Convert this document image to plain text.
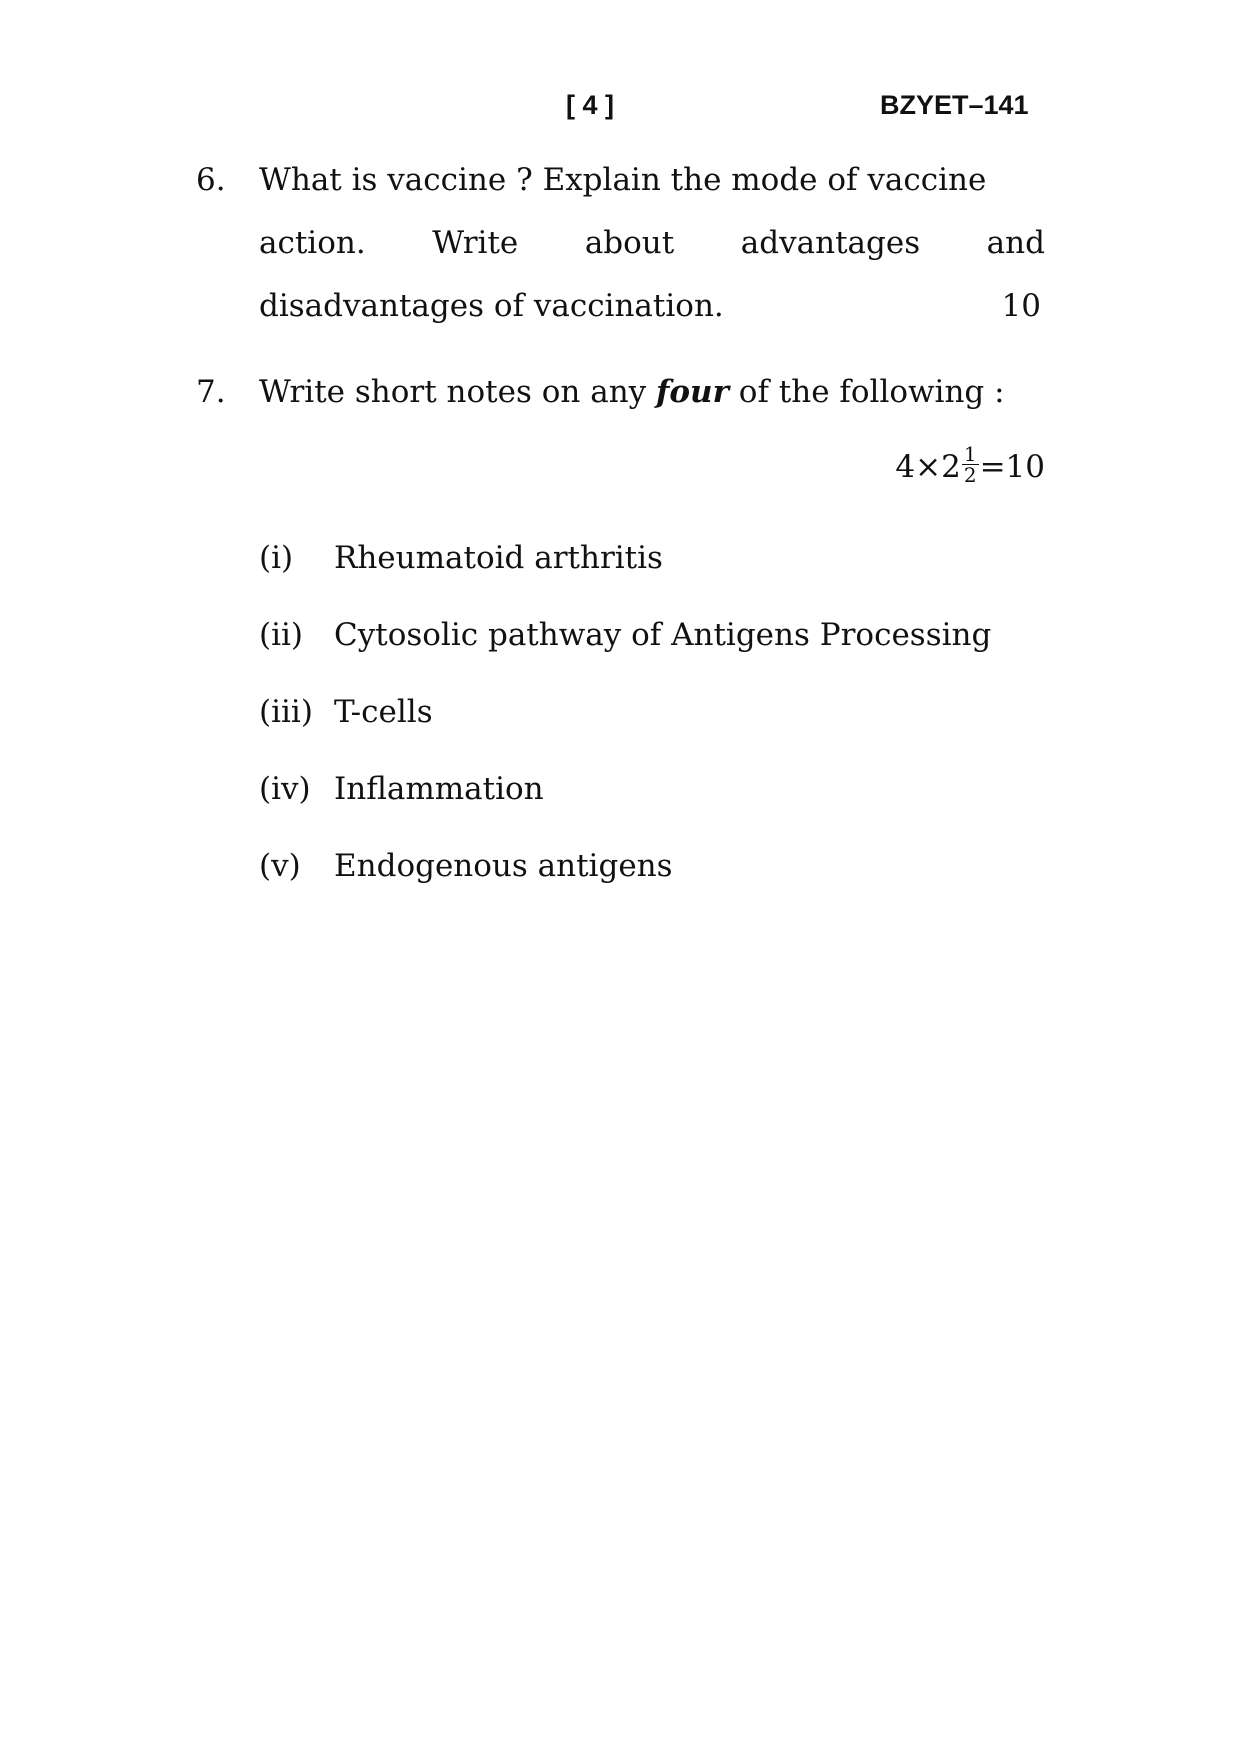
[ 4 ]	BZYET–141
6. What is vaccine ? Explain the mode of vaccine
action. Write about advantages and
disadvantages of vaccination.	10
7. Write short notes on any four of the following :
$4\times 2 \frac{1}{2} =10$
(i) Rheumatoid arthritis
(ii) Cytosolic pathway of Antigens Processing
(iii) T-cells
(iv) Inflammation
(v) Endogenous antigens
